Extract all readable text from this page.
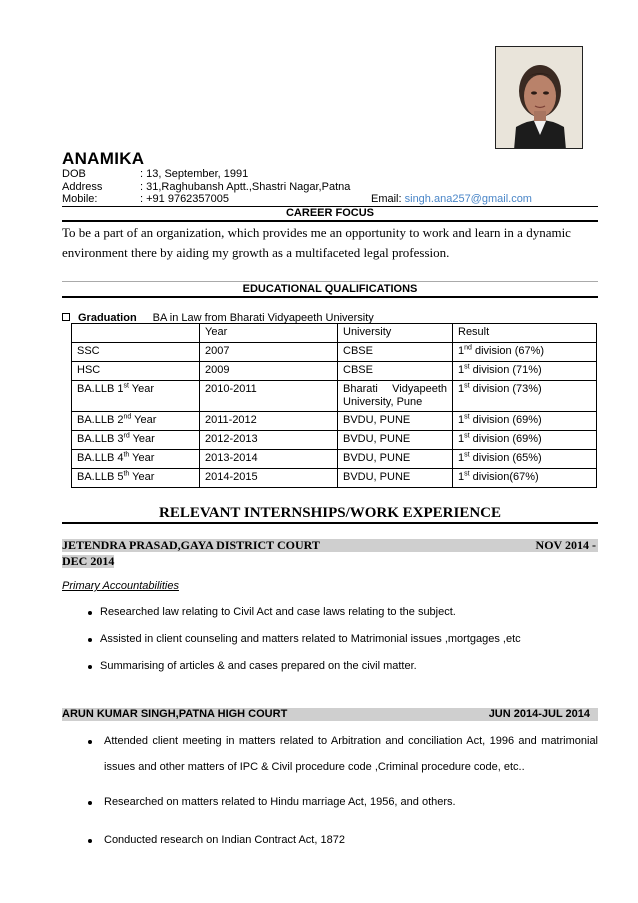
ANAMIKA
DOB	: 13, September, 1991
Address	: 31,Raghubansh Aptt.,Shastri Nagar,Patna
Mobile:	: +91 9762357005	Email: singh.ana257@gmail.com
CAREER FOCUS
To be a part of an organization, which provides me an opportunity to work and learn in a dynamic environment there by aiding my growth as a multifaceted legal profession.
EDUCATIONAL QUALIFICATIONS
Graduation BA in Law from Bharati Vidyapeeth University
	Year	University	Result
SSC	2007	CBSE	1nd division (67%)
HSC	2009	CBSE	1st division (71%)
BA.LLB 1st Year	2010-2011	Bharati Vidyapeeth University, Pune	1st division (73%)
BA.LLB 2nd Year	2011-2012	BVDU, PUNE	1st division (69%)
BA.LLB 3rd Year	2012-2013	BVDU, PUNE	1st division (69%)
BA.LLB 4th Year	2013-2014	BVDU, PUNE	1st division (65%)
BA.LLB 5th Year	2014-2015	BVDU, PUNE	1st division(67%)
RELEVANT INTERNSHIPS/WORK EXPERIENCE
JETENDRA PRASAD,GAYA DISTRICT COURT	NOV 2014 -
DEC 2014
Primary Accountabilities
Researched law relating to Civil Act and case laws relating to the subject.
Assisted in client counseling and matters related to Matrimonial issues ,mortgages ,etc
Summarising of articles & and cases prepared on the civil matter.
ARUN KUMAR SINGH,PATNA HIGH COURT	JUN 2014-JUL 2014
Attended client meeting in matters related to Arbitration and conciliation Act, 1996 and matrimonial
issues and other matters of IPC & Civil procedure code ,Criminal procedure code, etc..
Researched on matters related to Hindu marriage Act, 1956, and others.
Conducted research on Indian Contract Act, 1872
